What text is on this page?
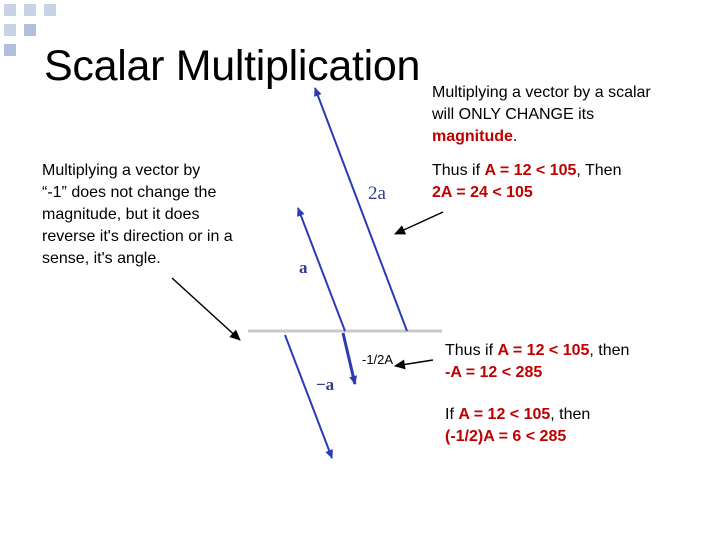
Scalar Multiplication
Multiplying a vector by a scalar
will ONLY CHANGE its
magnitude.
Multiplying a vector by
“-1” does not change the
magnitude, but it does
reverse it's direction or in a
sense, it's angle.
Thus if A = 12 < 105, Then
2A = 24 < 105
Thus if A = 12 < 105, then
-A = 12 < 285
If A = 12 < 105, then
(-1/2)A = 6 < 285
2a
a
−a
-1/2A
